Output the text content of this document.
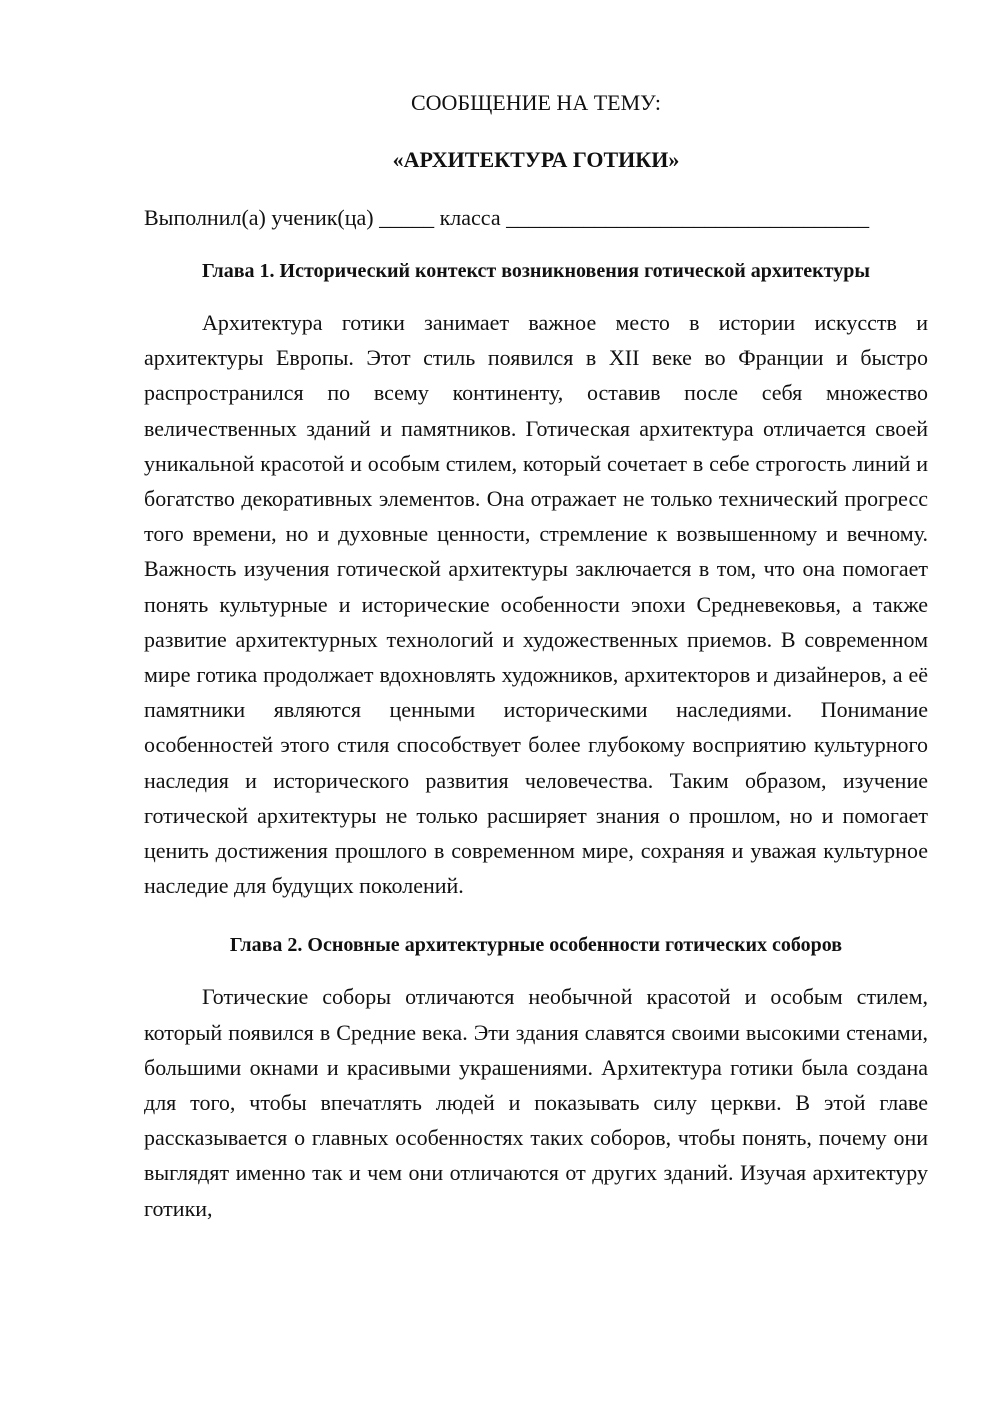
СООБЩЕНИЕ НА ТЕМУ:

«АРХИТЕКТУРА ГОТИКИ»

Выполнил(а) ученик(ца) _____ класса _________________________________

Глава 1. Исторический контекст возникновения готической архитектуры

Архитектура готики занимает важное место в истории искусств и архитектуры Европы. Этот стиль появился в XII веке во Франции и быстро распространился по всему континенту, оставив после себя множество величественных зданий и памятников. Готическая архитектура отличается своей уникальной красотой и особым стилем, который сочетает в себе строгость линий и богатство декоративных элементов. Она отражает не только технический прогресс того времени, но и духовные ценности, стремление к возвышенному и вечному. Важность изучения готической архитектуры заключается в том, что она помогает понять культурные и исторические особенности эпохи Средневековья, а также развитие архитектурных технологий и художественных приемов. В современном мире готика продолжает вдохновлять художников, архитекторов и дизайнеров, а её памятники являются ценными историческими наследиями. Понимание особенностей этого стиля способствует более глубокому восприятию культурного наследия и исторического развития человечества. Таким образом, изучение готической архитектуры не только расширяет знания о прошлом, но и помогает ценить достижения прошлого в современном мире, сохраняя и уважая культурное наследие для будущих поколений.

Глава 2. Основные архитектурные особенности готических соборов

Готические соборы отличаются необычной красотой и особым стилем, который появился в Средние века. Эти здания славятся своими высокими стенами, большими окнами и красивыми украшениями. Архитектура готики была создана для того, чтобы впечатлять людей и показывать силу церкви. В этой главе рассказывается о главных особенностях таких соборов, чтобы понять, почему они выглядят именно так и чем они отличаются от других зданий. Изучая архитектуру готики,
